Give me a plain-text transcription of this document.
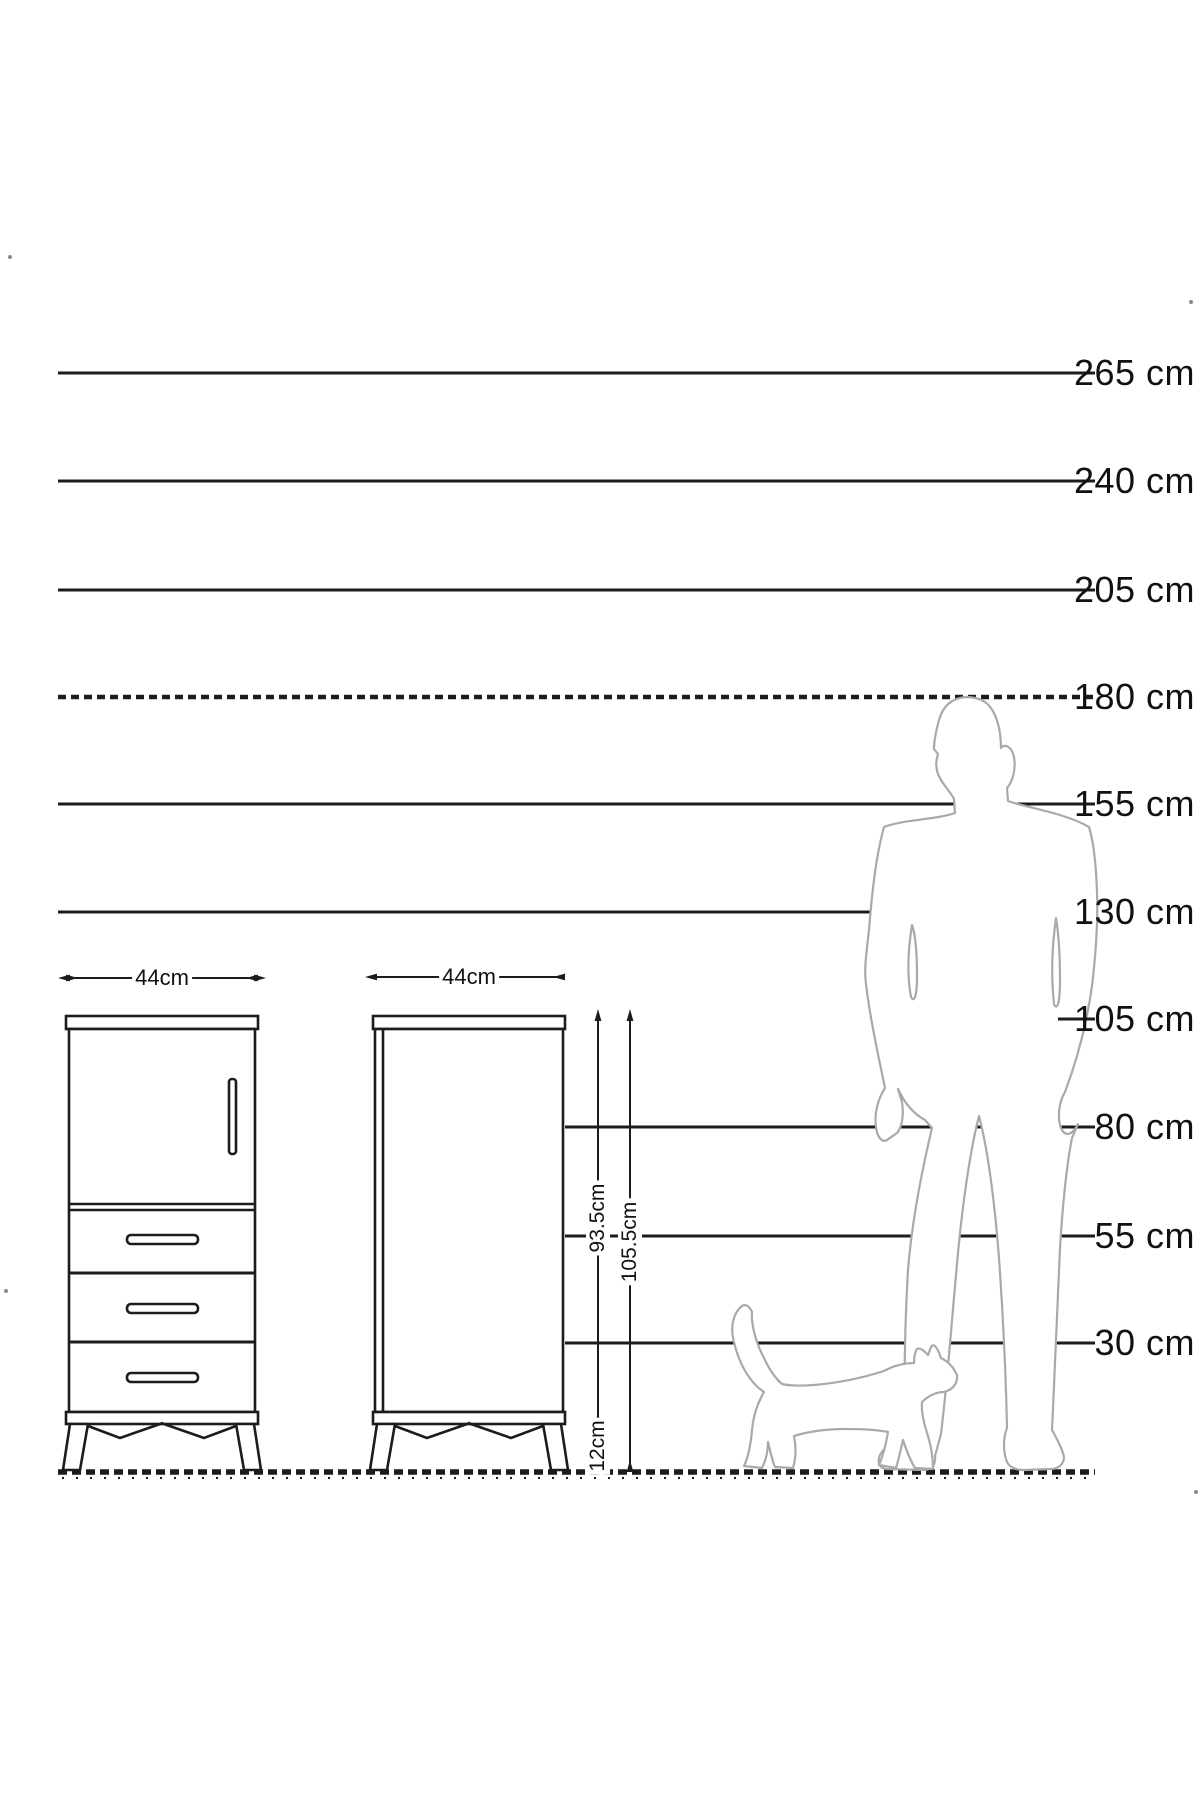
265 cm
240 cm
205 cm
180 cm
155 cm
130 cm
105 cm
80 cm
55 cm
30 cm
44cm	44cm
93.5cm 105.5cm
12cm
